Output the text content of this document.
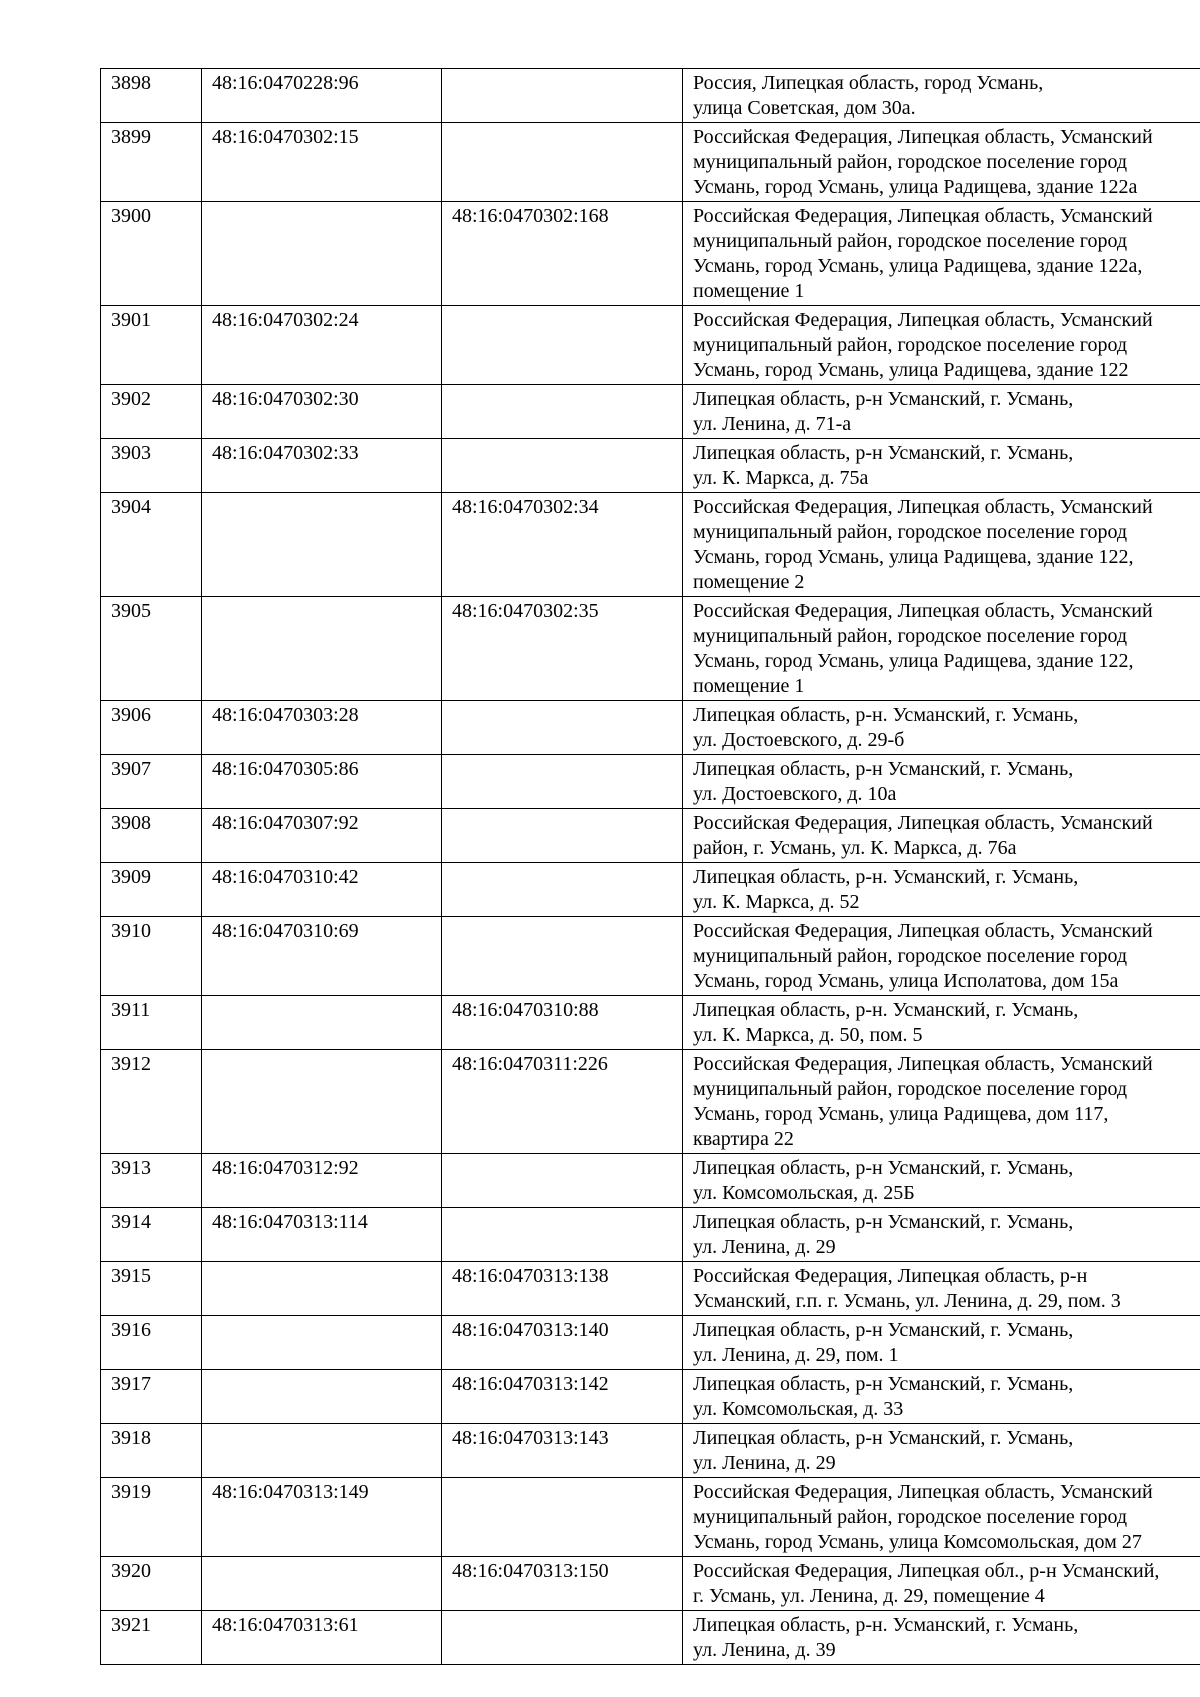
3898	48:16:0470228:96		Россия, Липецкая область, город Усмань,
улица Советская, дом 30а.

3899	48:16:0470302:15		Российская Федерация, Липецкая область, Усманский
муниципальный район, городское поселение город
Усмань, город Усмань, улица Радищева, здание 122а

3900		48:16:0470302:168	Российская Федерация, Липецкая область, Усманский
муниципальный район, городское поселение город
Усмань, город Усмань, улица Радищева, здание 122а,
помещение 1

3901	48:16:0470302:24		Российская Федерация, Липецкая область, Усманский
муниципальный район, городское поселение город
Усмань, город Усмань, улица Радищева, здание 122

3902	48:16:0470302:30		Липецкая область, р-н Усманский, г. Усмань,
ул. Ленина, д. 71-а

3903	48:16:0470302:33		Липецкая область, р-н Усманский, г. Усмань,
ул. К. Маркса, д. 75а

3904		48:16:0470302:34	Российская Федерация, Липецкая область, Усманский
муниципальный район, городское поселение город
Усмань, город Усмань, улица Радищева, здание 122,
помещение 2

3905		48:16:0470302:35	Российская Федерация, Липецкая область, Усманский
муниципальный район, городское поселение город
Усмань, город Усмань, улица Радищева, здание 122,
помещение 1

3906	48:16:0470303:28		Липецкая область, р-н. Усманский, г. Усмань,
ул. Достоевского, д. 29-б

3907	48:16:0470305:86		Липецкая область, р-н Усманский, г. Усмань,
ул. Достоевского, д. 10а

3908	48:16:0470307:92		Российская Федерация, Липецкая область, Усманский
район, г. Усмань, ул. К. Маркса, д. 76а

3909	48:16:0470310:42		Липецкая область, р-н. Усманский, г. Усмань,
ул. К. Маркса, д. 52

3910	48:16:0470310:69		Российская Федерация, Липецкая область, Усманский
муниципальный район, городское поселение город
Усмань, город Усмань, улица Исполатова, дом 15а

3911		48:16:0470310:88	Липецкая область, р-н. Усманский, г. Усмань,
ул. К. Маркса, д. 50, пом. 5

3912		48:16:0470311:226	Российская Федерация, Липецкая область, Усманский
муниципальный район, городское поселение город
Усмань, город Усмань, улица Радищева, дом 117,
квартира 22

3913	48:16:0470312:92		Липецкая область, р-н Усманский, г. Усмань,
ул. Комсомольская, д. 25Б

3914	48:16:0470313:114		Липецкая область, р-н Усманский, г. Усмань,
ул. Ленина, д. 29

3915		48:16:0470313:138	Российская Федерация, Липецкая область, р-н
Усманский, г.п. г. Усмань, ул. Ленина, д. 29, пом. 3

3916		48:16:0470313:140	Липецкая область, р-н Усманский, г. Усмань,
ул. Ленина, д. 29, пом. 1

3917		48:16:0470313:142	Липецкая область, р-н Усманский, г. Усмань,
ул. Комсомольская, д. 33

3918		48:16:0470313:143	Липецкая область, р-н Усманский, г. Усмань,
ул. Ленина, д. 29

3919	48:16:0470313:149		Российская Федерация, Липецкая область, Усманский
муниципальный район, городское поселение город
Усмань, город Усмань, улица Комсомольская, дом 27

3920		48:16:0470313:150	Российская Федерация, Липецкая обл., р-н Усманский,
г. Усмань, ул. Ленина, д. 29, помещение 4

3921	48:16:0470313:61		Липецкая область, р-н. Усманский, г. Усмань,
ул. Ленина, д. 39
